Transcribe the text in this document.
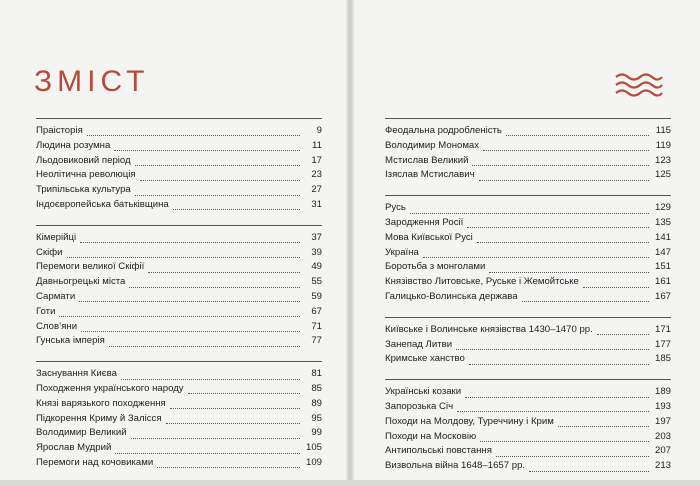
ЗМІСТ
Праісторія	9
Людина розумна	11
Льодовиковий період	17
Неолітична революція	23
Трипільська культура	27
Індоєвропейська батьківщина	31
Кімерійці	37
Скіфи	39
Перемоги великої Скіфії	49
Давньогрецькі міста	55
Сармати	59
Готи	67
Слов’яни	71
Гунська імперія	77
Заснування Києва	81
Походження українського народу	85
Князі варязького походження	89
Підкорення Криму й Залісся	95
Володимир Великий	99
Ярослав Мудрий	105
Перемоги над кочовиками	109
Феодальна родробленість	115
Володимир Мономах	119
Мстислав Великий	123
Ізяслав Мстиславич	125
Русь	129
Зародження Росії	135
Мова Київської Русі	141
Україна	147
Боротьба з монголами	151
Князівство Литовське, Руське і Жемойтське	161
Галицько-Волинська держава	167
Київське і Волинське князівства 1430–1470 рр.	171
Занепад Литви	177
Кримське ханство	185
Українські козаки	189
Запорозька Січ	193
Походи на Молдову, Туреччину і Крим	197
Походи на Московію	203
Антипольські повстання	207
Визвольна війна 1648–1657 рр.	213
